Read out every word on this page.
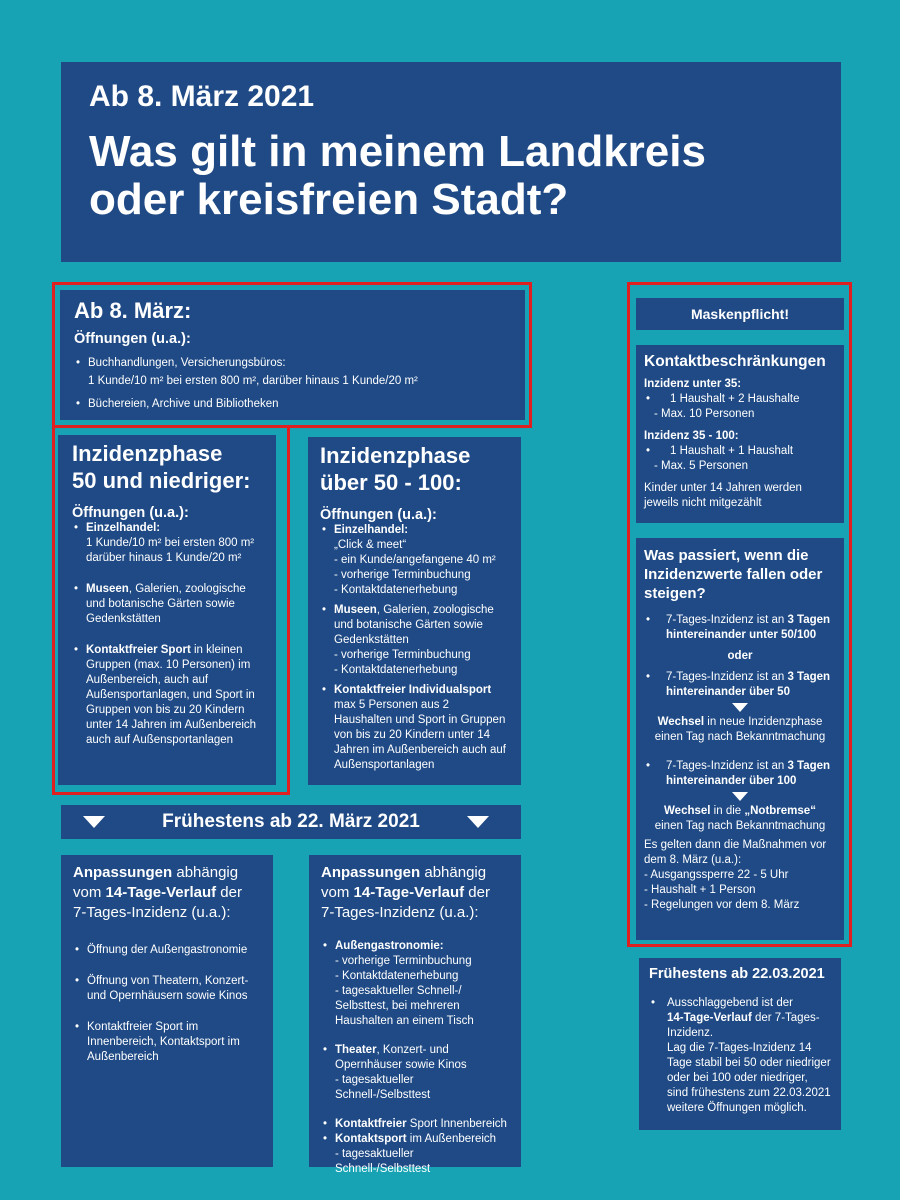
Ab 8. März 2021

Was gilt in meinem Landkreis

oder kreisfreien Stadt?

Ab 8. März:

Öffnungen (u.a.):

• Buchhandlungen, Versicherungsbüros:

1 Kunde/10 m² bei ersten 800 m², darüber hinaus 1 Kunde/20 m²

• Büchereien, Archive und Bibliotheken

Inzidenzphase

50 und niedriger:

Öffnungen (u.a.):

• Einzelhandel:

1 Kunde/10 m² bei ersten 800 m²

darüber hinaus 1 Kunde/20 m²

• Museen, Galerien, zoologische und botanische Gärten sowie Gedenkstätten

• Kontaktfreier Sport in kleinen Gruppen (max. 10 Personen) im Außenbereich, auch auf Außensportanlagen, und Sport in Gruppen von bis zu 20 Kindern unter 14 Jahren im Außenbereich auch auf Außensportanlagen

Inzidenzphase

über 50 - 100:

Öffnungen (u.a.):

• Einzelhandel:

„Click & meet“

- ein Kunde/angefangene 40 m²

- vorherige Terminbuchung

- Kontaktdatenerhebung

• Museen, Galerien, zoologische und botanische Gärten sowie Gedenkstätten

- vorherige Terminbuchung

- Kontaktdatenerhebung

• Kontaktfreier Individualsport max 5 Personen aus 2 Haushalten und Sport in Gruppen von bis zu 20 Kindern unter 14 Jahren im Außenbereich auch auf Außensportanlagen

Frühestens ab 22. März 2021

Anpassungen abhängig
vom 14-Tage-Verlauf der
7-Tages-Inzidenz (u.a.):

• Öffnung der Außengastronomie

• Öffnung von Theatern, Konzert- und Opernhäusern sowie Kinos

• Kontaktfreier Sport im Innenbereich, Kontaktsport im Außenbereich

Anpassungen abhängig
vom 14-Tage-Verlauf der
7-Tages-Inzidenz (u.a.):

• Außengastronomie:

- vorherige Terminbuchung

- Kontaktdatenerhebung

- tagesaktueller Schnell-/ Selbsttest, bei mehreren Haushalten an einem Tisch

• Theater, Konzert- und Opernhäuser sowie Kinos

- tagesaktueller Schnell-/Selbsttest

• Kontaktfreier Sport Innenbereich

• Kontaktsport im Außenbereich

- tagesaktueller Schnell-/Selbsttest

Maskenpflicht!

Kontaktbeschränkungen

Inzidenz unter 35:

• 1 Haushalt + 2 Haushalte

- Max. 10 Personen

Inzidenz 35 - 100:

• 1 Haushalt + 1 Haushalt

- Max. 5 Personen

Kinder unter 14 Jahren werden jeweils nicht mitgezählt

Was passiert, wenn die Inzidenzwerte fallen oder steigen?

• 7-Tages-Inzidenz ist an 3 Tagen hintereinander unter 50/100

oder

• 7-Tages-Inzidenz ist an 3 Tagen hintereinander über 50

Wechsel in neue Inzidenzphase einen Tag nach Bekanntmachung

• 7-Tages-Inzidenz ist an 3 Tagen hintereinander über 100

Wechsel in die „Notbremse“
einen Tag nach Bekanntmachung

Es gelten dann die Maßnahmen vor dem 8. März (u.a.):

- Ausgangssperre 22 - 5 Uhr

- Haushalt + 1 Person

- Regelungen vor dem 8. März

Frühestens ab 22.03.2021

• Ausschlaggebend ist der

14-Tage-Verlauf der 7-Tages-Inzidenz.

Lag die 7-Tages-Inzidenz 14 Tage stabil bei 50 oder niedriger oder bei 100 oder niedriger, sind frühestens zum 22.03.2021 weitere Öffnungen möglich.
